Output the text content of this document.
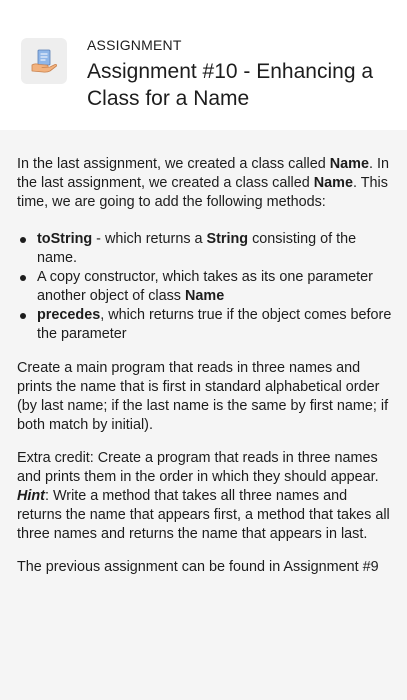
ASSIGNMENT
Assignment #10 - Enhancing a Class for a Name

In the last assignment, we created a class called Name. In the last assignment, we created a class called Name. This time, we are going to add the following methods:

toString - which returns a String consisting of the name.
A copy constructor, which takes as its one parameter another object of class Name
precedes, which returns true if the object comes before the parameter

Create a main program that reads in three names and prints the name that is first in standard alphabetical order (by last name; if the last name is the same by first name; if both match by initial).

Extra credit: Create a program that reads in three names and prints them in the order in which they should appear. Hint: Write a method that takes all three names and returns the name that appears first, a method that takes all three names and returns the name that appears in last.

The previous assignment can be found in Assignment #9
